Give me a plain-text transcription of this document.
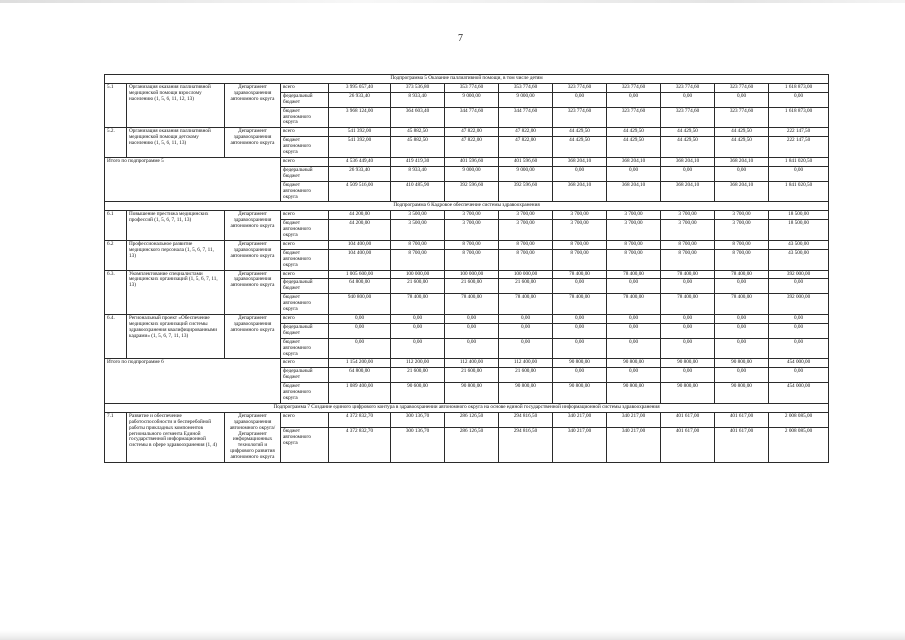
7
Подпрограмма 5 Оказание паллиативной помощи, в том числе детям												
5.1	Организация оказания паллиативной медицинской помощи взрослому населению (1, 5, 6, 11, 12, 13)	Департамент здравоохранения автономного округа	всего	3 995 057,40	373 536,80	353 774,60	353 774,60	323 774,60	323 774,60	323 774,60	323 774,60	1 618 873,00
			федеральный бюджет	26 933,40	8 933,40	9 000,00	9 000,00	0,00	0,00	0,00	0,00	0,00
			бюджет автономного округа	3 968 124,00	364 603,40	344 774,60	344 774,60	323 774,60	323 774,60	323 774,60	323 774,60	1 618 873,00
5.2.	Организация оказания паллиативной медицинской помощи детскому населению (1, 5, 6, 11, 13)	Департамент здравоохранения автономного округа	всего	541 392,00	45 882,50	47 822,00	47 822,00	44 429,50	44 429,50	44 429,50	44 429,50	222 147,50
			бюджет автономного округа	541 392,00	45 882,50	47 822,00	47 822,00	44 429,50	44 429,50	44 429,50	44 429,50	222 147,50
Итого по подпрограмме 5			всего	4 536 449,40	419 419,30	401 596,60	401 596,60	368 204,10	368 204,10	368 204,10	368 204,10	1 841 020,50
			федеральный бюджет	26 933,40	8 933,40	9 000,00	9 000,00	0,00	0,00	0,00	0,00	0,00
			бюджет автономного округа	4 509 516,00	410 485,90	392 596,60	392 596,60	368 204,10	368 204,10	368 204,10	368 204,10	1 841 020,50
Подпрограмма 6 Кадровое обеспечение системы здравоохранения												
6.1	Повышение престижа медицинских профессий (1, 5, 6, 7, 11, 13)	Департамент здравоохранения автономного округа	всего	44 200,00	3 500,00	3 700,00	3 700,00	3 700,00	3 700,00	3 700,00	3 700,00	18 500,00
			бюджет автономного округа	44 200,00	3 500,00	3 700,00	3 700,00	3 700,00	3 700,00	3 700,00	3 700,00	18 500,00
6.2	Профессиональное развитие медицинского персонала (1, 5, 6, 7, 11, 13)	Департамент здравоохранения автономного округа	всего	104 400,00	8 700,00	8 700,00	8 700,00	8 700,00	8 700,00	8 700,00	8 700,00	43 500,00
			бюджет автономного округа	104 400,00	8 700,00	8 700,00	8 700,00	8 700,00	8 700,00	8 700,00	8 700,00	43 500,00
6.3.	Укомплектование специалистами медицинских организаций (1, 5, 6, 7, 11, 13)	Департамент здравоохранения автономного округа	всего	1 005 600,00	100 000,00	100 000,00	100 000,00	78 400,00	78 400,00	78 400,00	78 400,00	392 000,00
			федеральный бюджет	64 800,00	21 600,00	21 600,00	21 600,00	0,00	0,00	0,00	0,00	0,00
			бюджет автономного округа	940 800,00	78 400,00	78 400,00	78 400,00	78 400,00	78 400,00	78 400,00	78 400,00	392 000,00
6.4.	Региональный проект «Обеспечение медицинских организаций системы здравоохранения квалифицированными кадрами» (1, 5, 6, 7, 11, 13)	Департамент здравоохранения автономного округа	всего	0,00	0,00	0,00	0,00	0,00	0,00	0,00	0,00	0,00
			федеральный бюджет	0,00	0,00	0,00	0,00	0,00	0,00	0,00	0,00	0,00
			бюджет автономного округа	0,00	0,00	0,00	0,00	0,00	0,00	0,00	0,00	0,00
Итого по подпрограмме 6			всего	1 154 200,00	112 200,00	112 400,00	112 400,00	90 800,00	90 800,00	90 800,00	90 800,00	454 000,00
			федеральный бюджет	64 800,00	21 600,00	21 600,00	21 600,00	0,00	0,00	0,00	0,00	0,00
			бюджет автономного округа	1 089 400,00	90 600,00	90 800,00	90 800,00	90 800,00	90 800,00	90 800,00	90 800,00	454 000,00
Подпрограмма 7 Создание единого цифрового контура в здравоохранении автономного округа на основе единой государственной информационной системы здравоохранения												
7.1	Развитие и обеспечение работоспособности и бесперебойной работы прикладных компонентов регионального сегмента Единой государственной информационной системы в сфере здравоохранения (1, 4)	Департамент здравоохранения автономного округа/Департамент информационных технологий и цифрового развития автономного округа	всего	4 372 832,70	300 136,70	286 126,50	294 816,50	340 217,00	340 217,00	401 617,00	401 617,00	2 008 085,00
			бюджет автономного округа	4 372 832,70	300 136,70	286 126,50	294 816,50	340 217,00	340 217,00	401 617,00	401 617,00	2 008 085,00
